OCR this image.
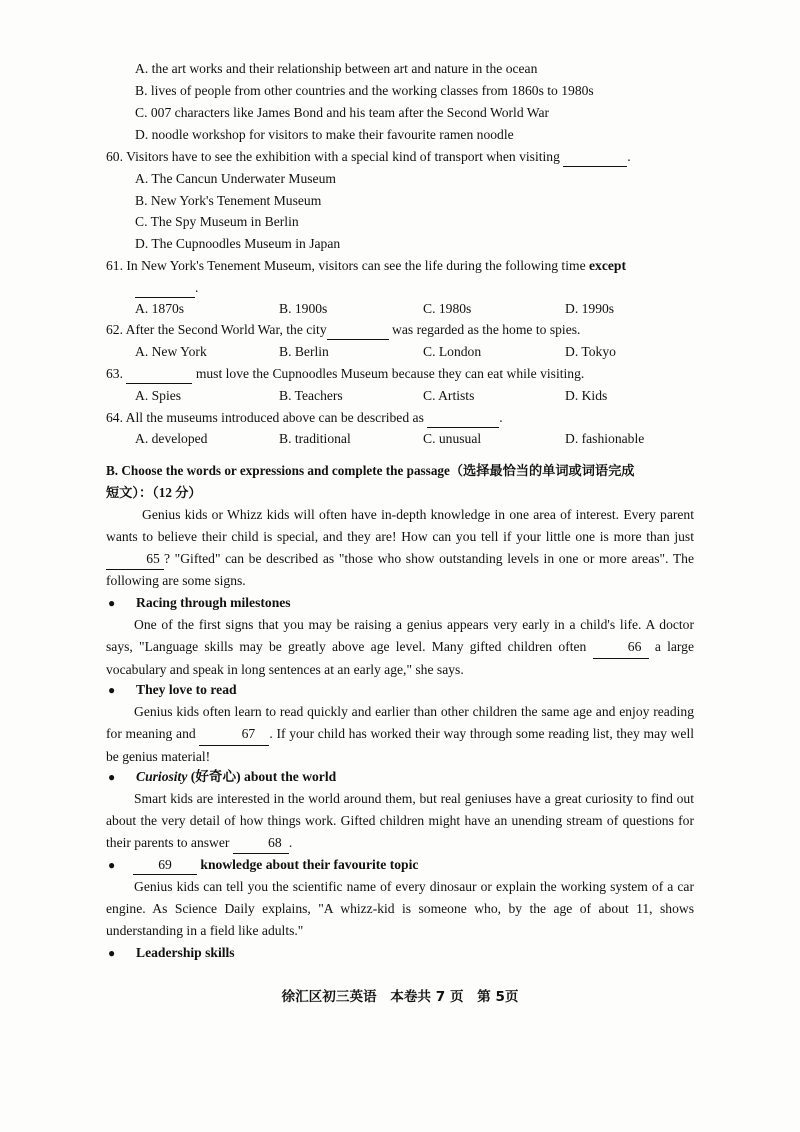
A. the art works and their relationship between art and nature in the ocean
B. lives of people from other countries and the working classes from 1860s to 1980s
C. 007 characters like James Bond and his team after the Second World War
D. noodle workshop for visitors to make their favourite ramen noodle
60. Visitors have to see the exhibition with a special kind of transport when visiting	.
A. The Cancun Underwater Museum
B. New York's Tenement Museum
C. The Spy Museum in Berlin
D. The Cupnoodles Museum in Japan
61. In New York's Tenement Museum, visitors can see the life during the following time except
.
A. 1870s	B. 1900s	C. 1980s	D. 1990s
62. After the Second World War, the city	was regarded as the home to spies.
A. New York	B. Berlin	C. London	D. Tokyo
63.	must love the Cupnoodles Museum because they can eat while visiting.
A. Spies	B. Teachers	C. Artists	D. Kids
64. All the museums introduced above can be described as	.
A. developed	B. traditional	C. unusual	D. fashionable
B. Choose the words or expressions and complete the passage（选择最恰当的单词或词语完成
短文）：（12 分）
Genius kids or Whizz kids will often have in-depth knowledge in one area of interest. Every parent wants to believe their child is special, and they are! How can you tell if your little one is more than just 65 ? "Gifted" can be described as "those who show outstanding levels in one or more areas". The following are some signs.
● Racing through milestones
One of the first signs that you may be raising a genius appears very early in a child's life. A doctor says, "Language skills may be greatly above age level. Many gifted children often	66 a large vocabulary and speak in long sentences at an early age," she says.
● They love to read
Genius kids often learn to read quickly and earlier than other children the same age and enjoy reading for meaning and	67 . If your child has worked their way through some reading list, they may well be genius material!
● Curiosity (好奇心) about the world
Smart kids are interested in the world around them, but real geniuses have a great curiosity to find out about the very detail of how things work. Gifted children might have an unending stream of questions for their parents to answer	68 .
●	69 knowledge about their favourite topic
Genius kids can tell you the scientific name of every dinosaur or explain the working system of a car engine. As Science Daily explains, "A whizz-kid is someone who, by the age of about 11, shows understanding in a field like adults."
● Leadership skills
徐汇区初三英语　本卷共 7 页　第 5页
